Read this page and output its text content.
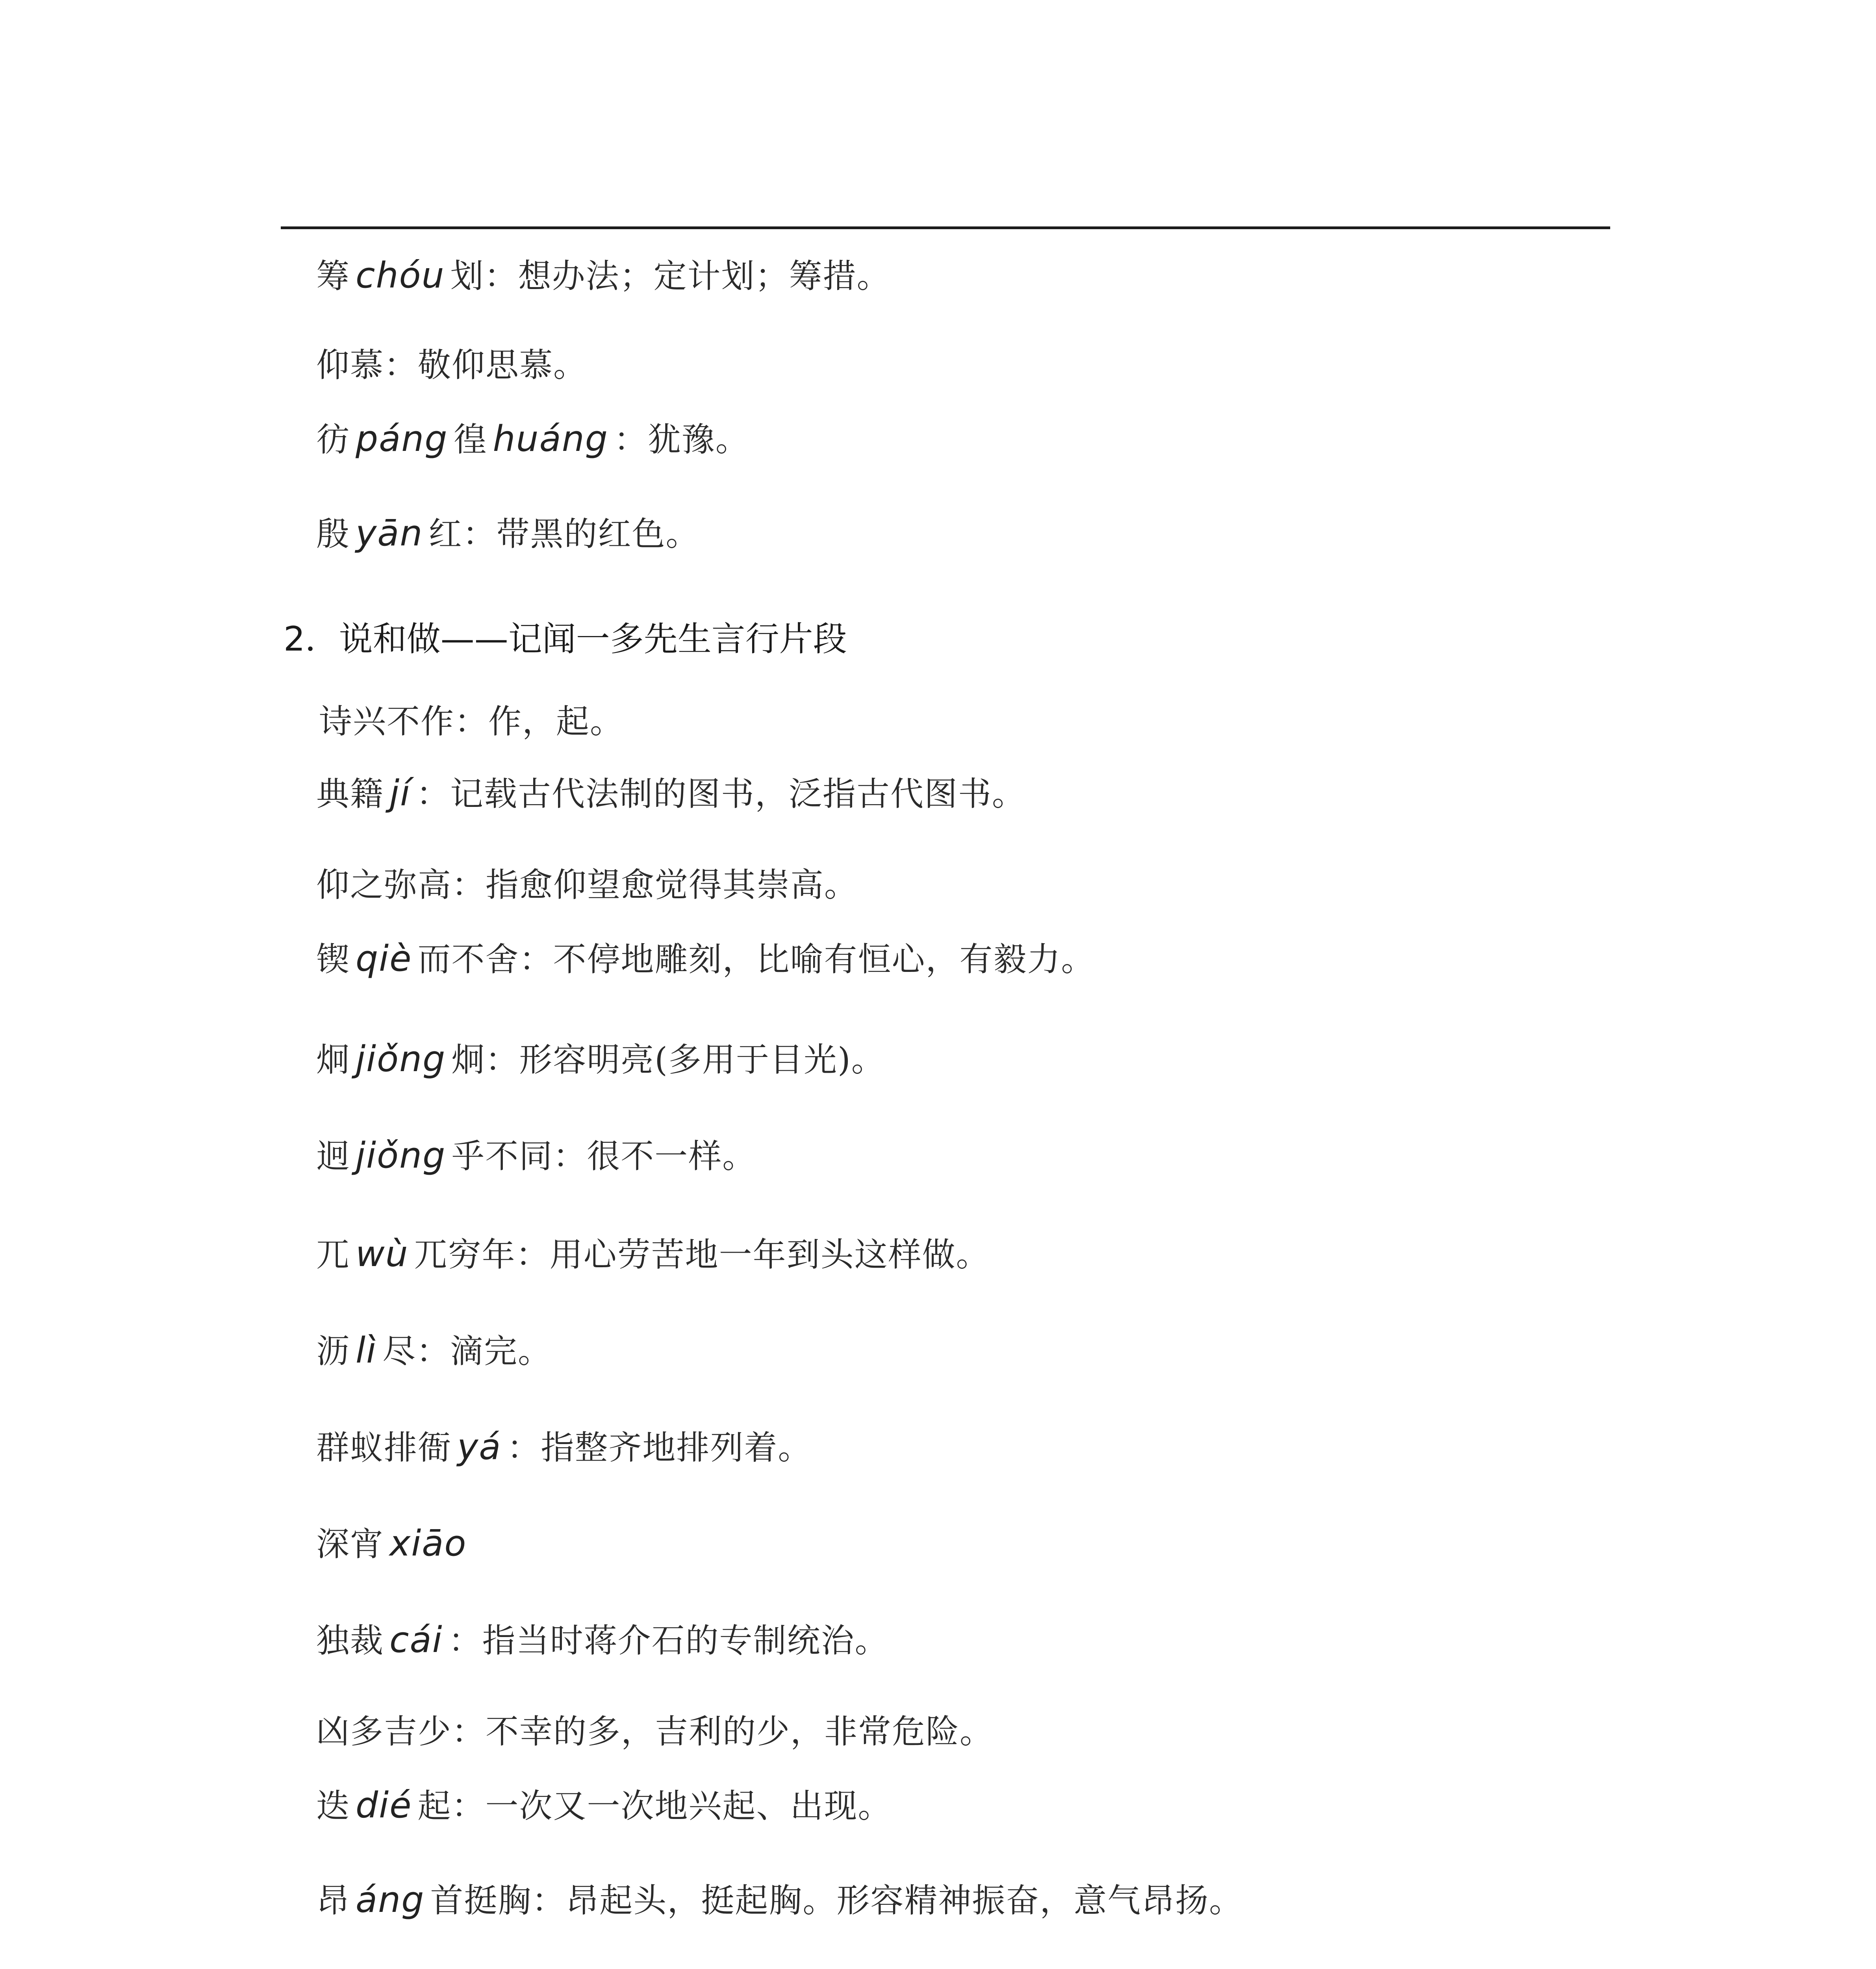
筹 chóu 划：想办法；定计划；筹措。
仰慕：敬仰思慕。
彷 páng 徨 huáng ：犹豫。
殷 yān 红：带黑的红色。
2．说和做——记闻一多先生言行片段
诗兴不作：作，起。
典籍 jí ：记载古代法制的图书，泛指古代图书。
仰之弥高：指愈仰望愈觉得其崇高。
锲 qiè 而不舍：不停地雕刻，比喻有恒心，有毅力。
炯 jiǒng 炯：形容明亮(多用于目光)。
迥 jiǒng 乎不同：很不一样。
兀 wù 兀穷年：用心劳苦地一年到头这样做。
沥 lì 尽：滴完。
群蚁排衙 yá ：指整齐地排列着。
深宵 xiāo
独裁 cái ：指当时蒋介石的专制统治。
凶多吉少：不幸的多，吉利的少，非常危险。
迭 dié 起：一次又一次地兴起、出现。
昂 áng 首挺胸：昂起头，挺起胸。形容精神振奋，意气昂扬。
